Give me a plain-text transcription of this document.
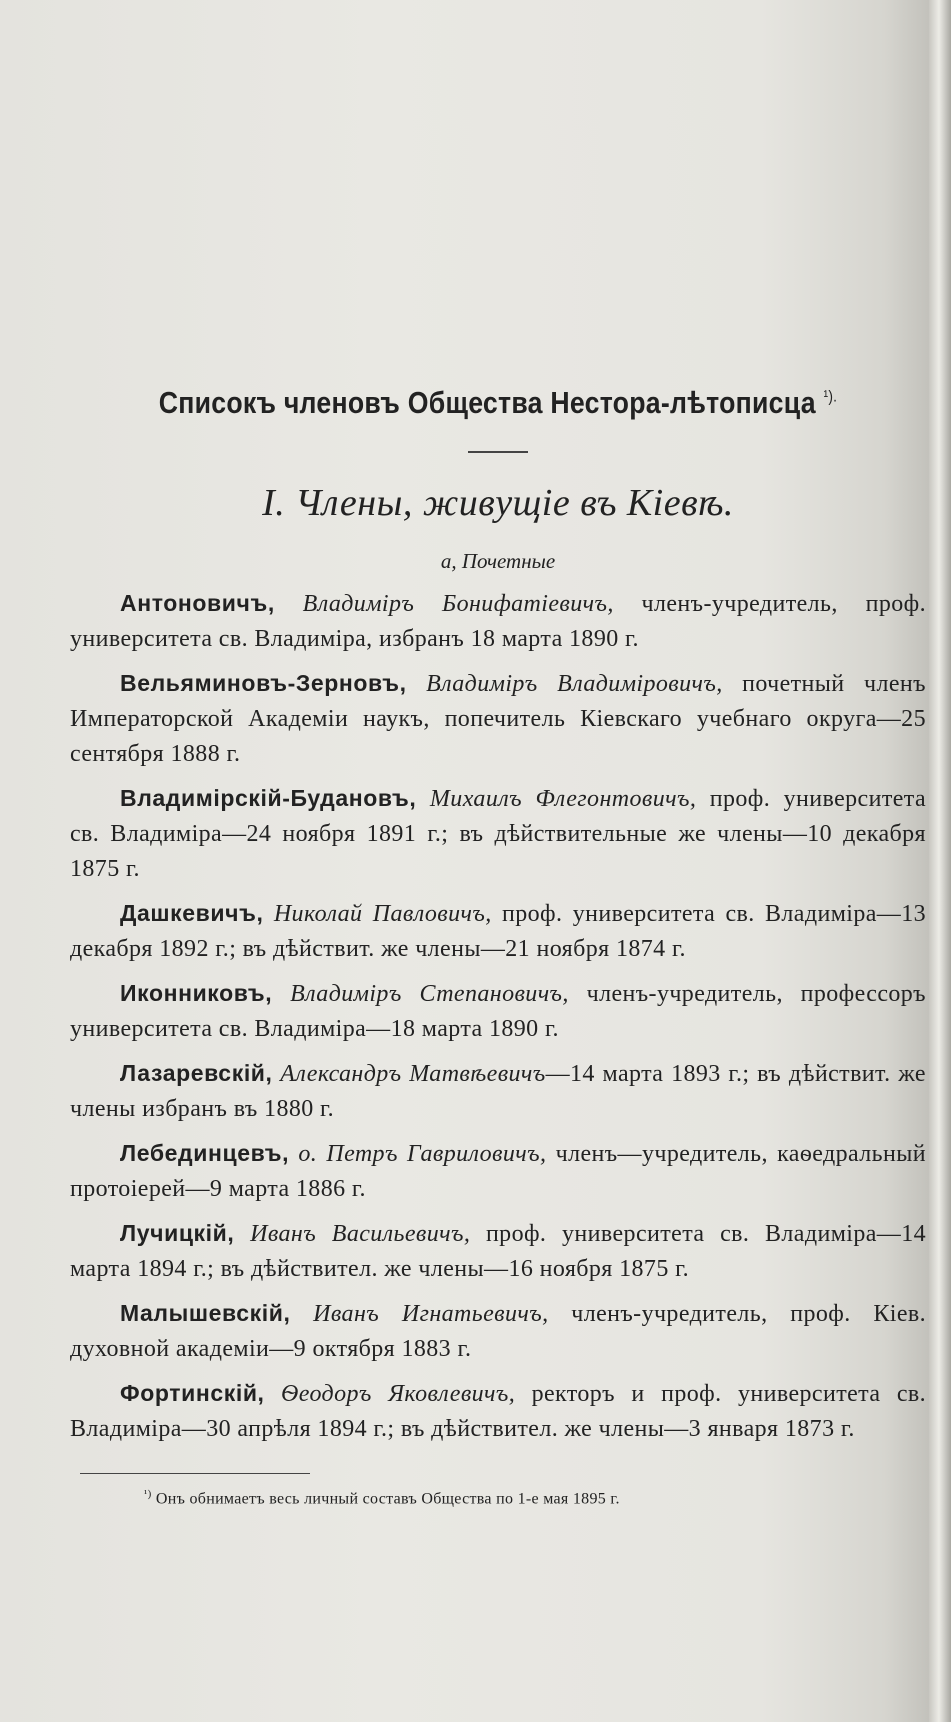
Списокъ членовъ Общества Нестора-лѣтописца $^{^1).}$
I. Члены, живущіе въ Кіевѣ.
а, Почетные

Антоновичъ, Владиміръ Бонифатіевичъ, членъ-учредитель, проф. университета св. Владиміра, избранъ 18 марта 1890 г.

Вельяминовъ-Зерновъ, Владиміръ Владиміровичъ, почетный членъ Императорской Академіи наукъ, попечитель Кіевскаго учебнаго округа—25 сентября 1888 г.

Владимірскій-Будановъ, Михаилъ Флегонтовичъ, проф. университета св. Владиміра—24 ноября 1891 г.; въ дѣйствительные же члены—10 декабря 1875 г.

Дашкевичъ, Николай Павловичъ, проф. университета св. Владиміра—13 декабря 1892 г.; въ дѣйствит. же члены—21 ноября 1874 г.

Иконниковъ, Владиміръ Степановичъ, членъ-учредитель, профессоръ университета св. Владиміра—18 марта 1890 г.

Лазаревскій, Александръ Матвѣевичъ—14 марта 1893 г.; въ дѣйствит. же члены избранъ въ 1880 г.

Лебединцевъ, о. Петръ Гавриловичъ, членъ—учредитель, каѳедральный протоіерей—9 марта 1886 г.

Лучицкій, Иванъ Васильевичъ, проф. университета св. Владиміра—14 марта 1894 г.; въ дѣйствител. же члены—16 ноября 1875 г.

Малышевскій, Иванъ Игнатьевичъ, членъ-учредитель, проф. Кіев. духовной академіи—9 октября 1883 г.

Фортинскій, Ѳеодоръ Яковлевичъ, ректоръ и проф. университета св. Владиміра—30 апрѣля 1894 г.; въ дѣйствител. же члены—3 января 1873 г.

$^{^1)}$ Онъ обнимаетъ весь личный составъ Общества по 1-е мая 1895 г.
